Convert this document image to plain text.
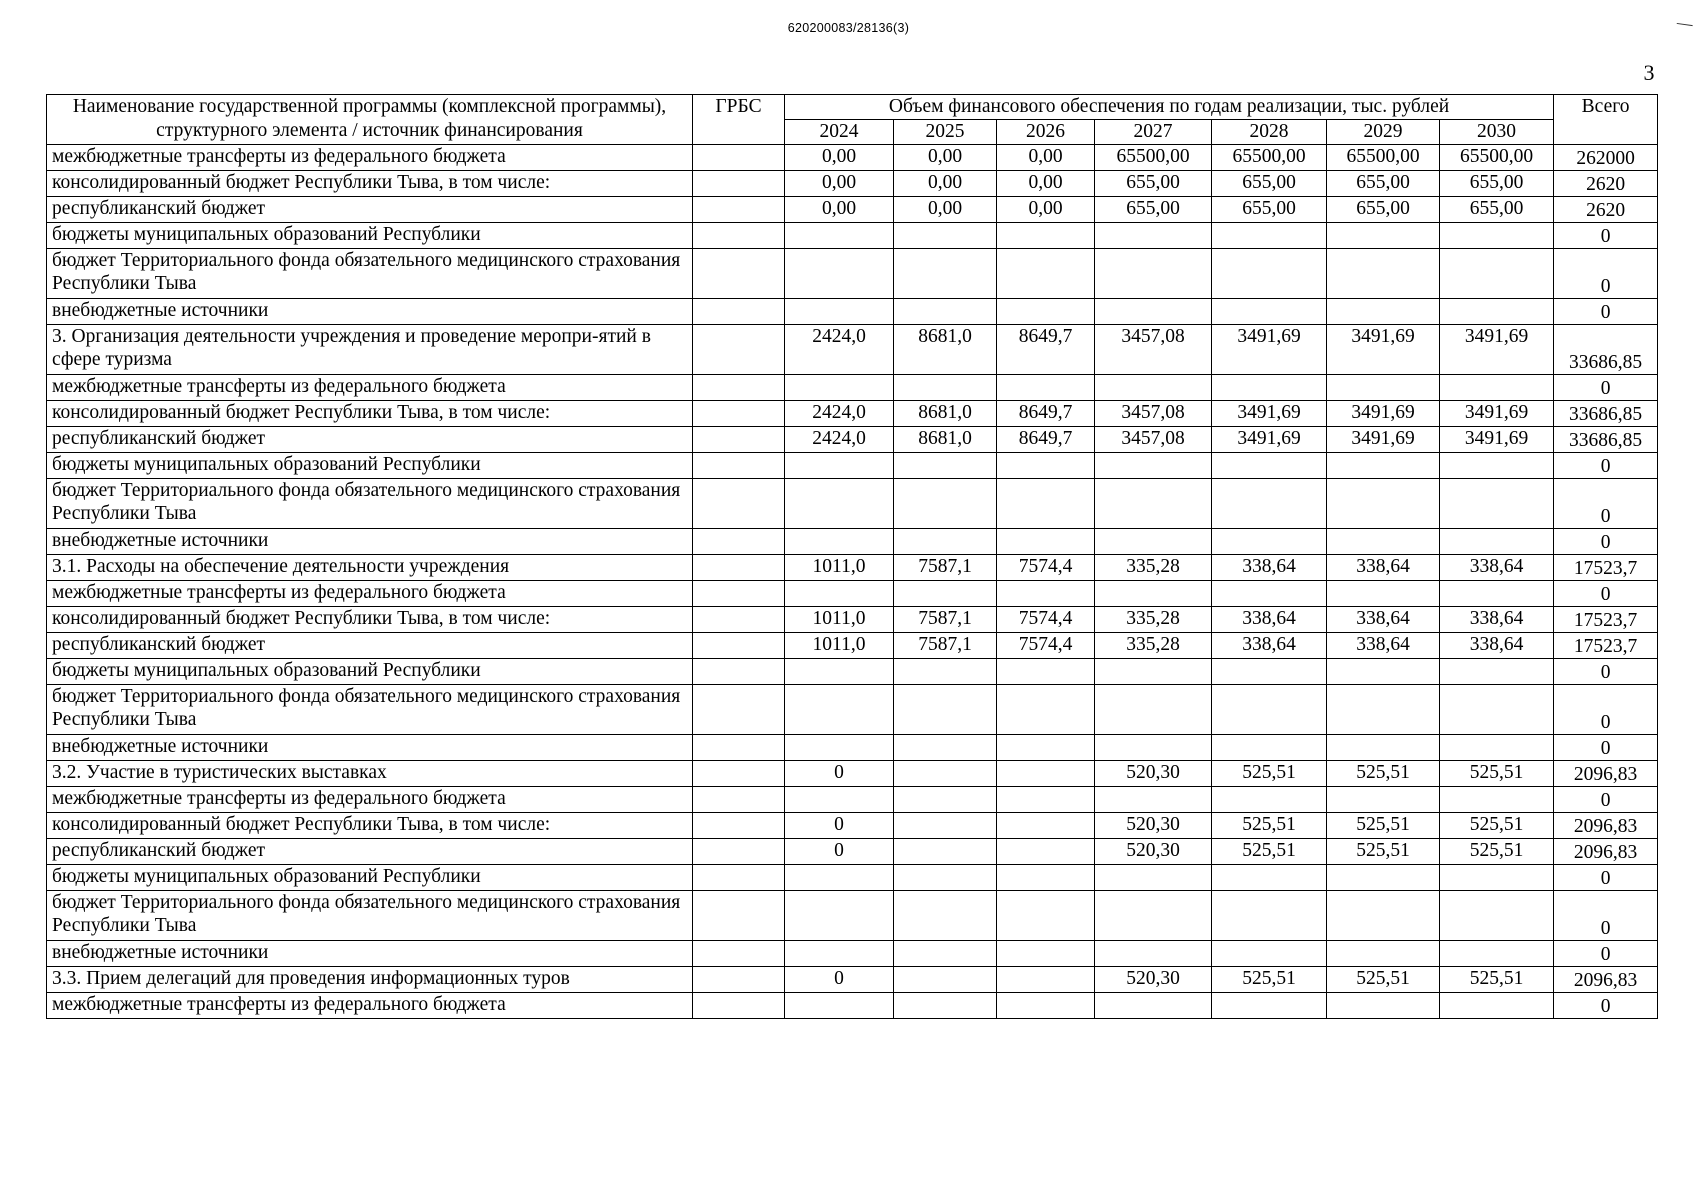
620200083/28136(3)
3
Наименование государственной программы (комплексной программы), структурного элемента / источник финансирования	ГРБС	Объем финансового обеспечения по годам реализации, тыс. рублей							Всего
		2024	2025	2026	2027	2028	2029	2030	
межбюджетные трансферты из федерального бюджета		0,00	0,00	0,00	65500,00	65500,00	65500,00	65500,00	262000
консолидированный бюджет Республики Тыва, в том числе:		0,00	0,00	0,00	655,00	655,00	655,00	655,00	2620
республиканский бюджет		0,00	0,00	0,00	655,00	655,00	655,00	655,00	2620
бюджеты муниципальных образований Республики									0
бюджет Территориального фонда обязательного медицинского страхования Республики Тыва									0
внебюджетные источники									0
3. Организация деятельности учреждения и проведение меропри-ятий в сфере туризма		2424,0	8681,0	8649,7	3457,08	3491,69	3491,69	3491,69	33686,85
межбюджетные трансферты из федерального бюджета									0
консолидированный бюджет Республики Тыва, в том числе:		2424,0	8681,0	8649,7	3457,08	3491,69	3491,69	3491,69	33686,85
республиканский бюджет		2424,0	8681,0	8649,7	3457,08	3491,69	3491,69	3491,69	33686,85
бюджеты муниципальных образований Республики									0
бюджет Территориального фонда обязательного медицинского страхования Республики Тыва									0
внебюджетные источники									0
3.1. Расходы на обеспечение деятельности учреждения		1011,0	7587,1	7574,4	335,28	338,64	338,64	338,64	17523,7
межбюджетные трансферты из федерального бюджета									0
консолидированный бюджет Республики Тыва, в том числе:		1011,0	7587,1	7574,4	335,28	338,64	338,64	338,64	17523,7
республиканский бюджет		1011,0	7587,1	7574,4	335,28	338,64	338,64	338,64	17523,7
бюджеты муниципальных образований Республики									0
бюджет Территориального фонда обязательного медицинского страхования Республики Тыва									0
внебюджетные источники									0
3.2. Участие в туристических выставках		0			520,30	525,51	525,51	525,51	2096,83
межбюджетные трансферты из федерального бюджета									0
консолидированный бюджет Республики Тыва, в том числе:		0			520,30	525,51	525,51	525,51	2096,83
республиканский бюджет		0			520,30	525,51	525,51	525,51	2096,83
бюджеты муниципальных образований Республики									0
бюджет Территориального фонда обязательного медицинского страхования Республики Тыва									0
внебюджетные источники									0
3.3. Прием делегаций для проведения информационных туров		0			520,30	525,51	525,51	525,51	2096,83
межбюджетные трансферты из федерального бюджета									0
